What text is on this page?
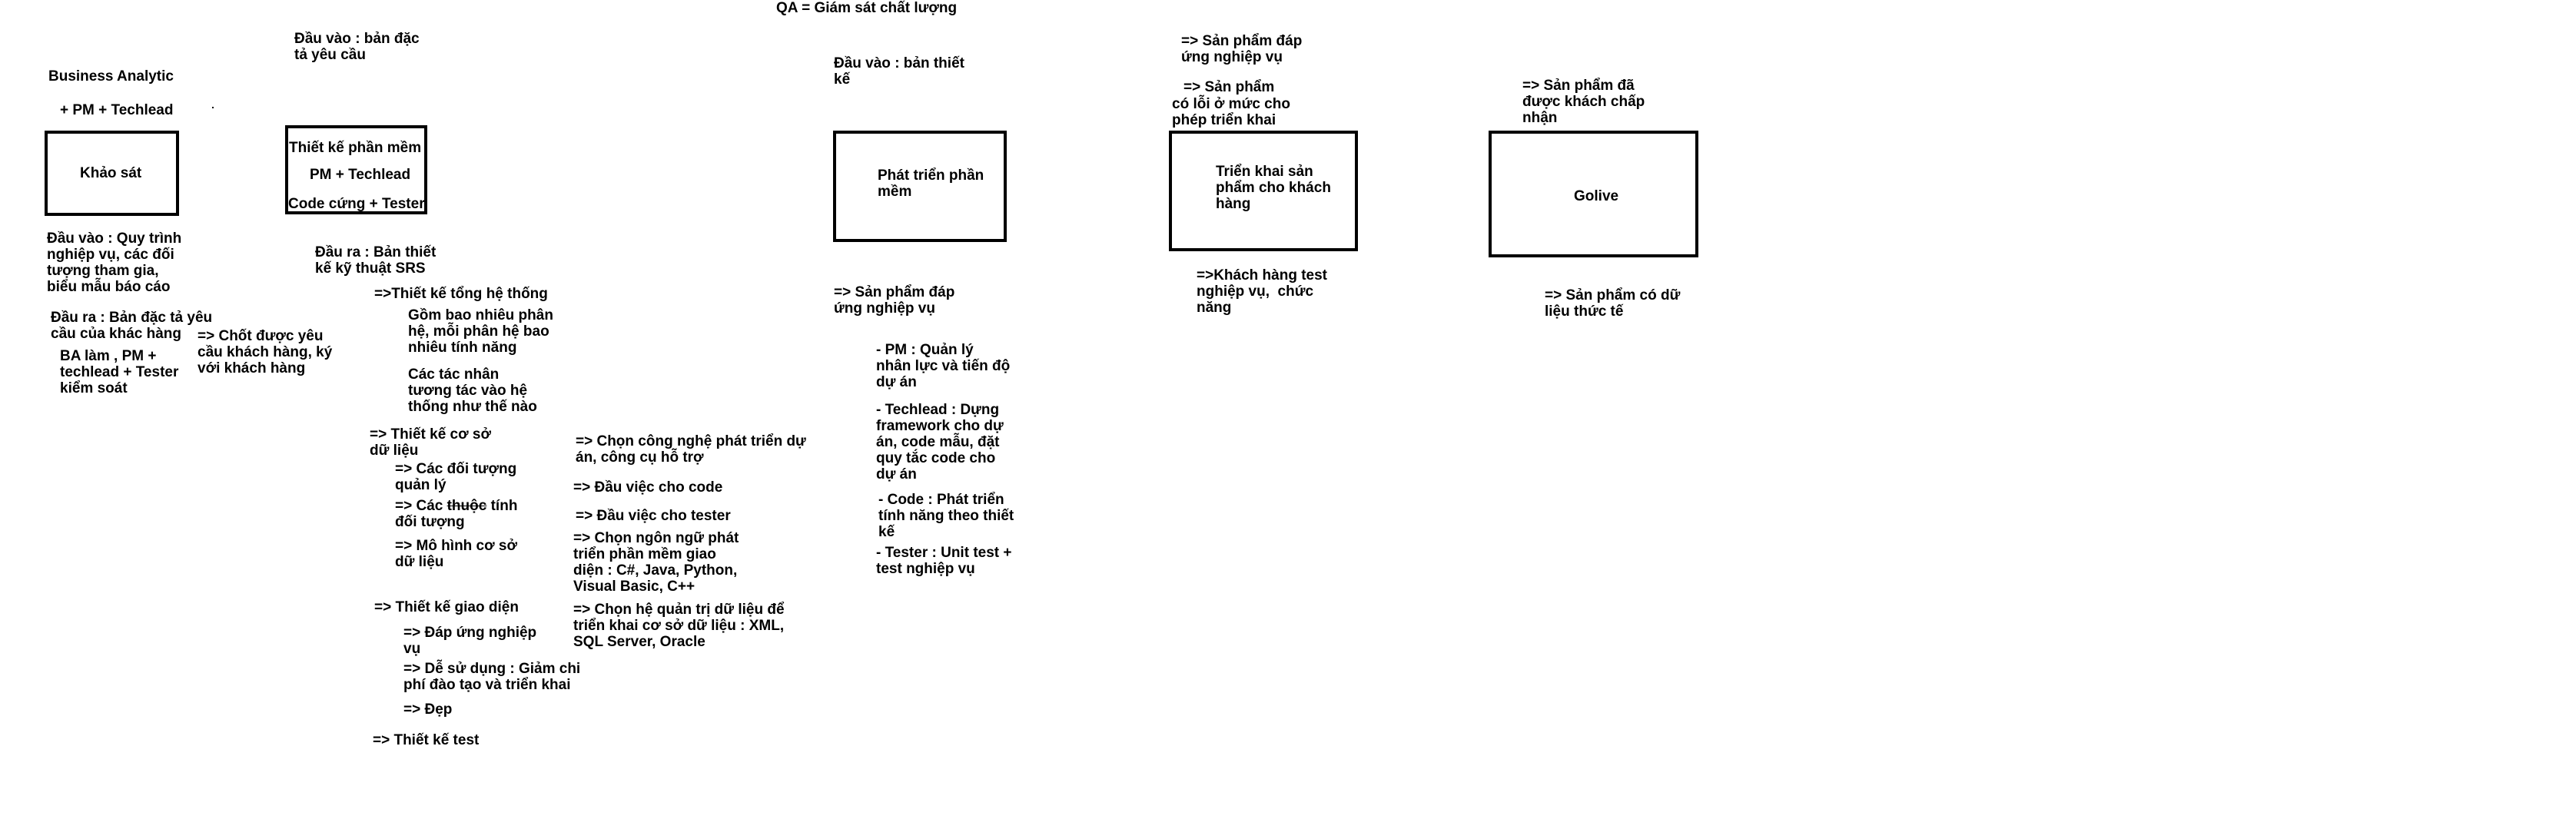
QA = Giám sát chất lượng
Business Analytic
+ PM + Techlead
Khảo sát
Đầu vào : Quy trình
nghiệp vụ, các đối
tượng tham gia,
biểu mẫu báo cáo
Đầu ra : Bản đặc tả yêu
cầu của khác hàng
BA làm , PM +
techlead + Tester
kiểm soát
=> Chốt được yêu
cầu khách hàng, ký
với khách hàng
Đầu vào : bản đặc
tả yêu cầu
Thiết kế phần mềm
PM + Techlead
Code cứng + Tester
Đầu ra : Bản thiết
kế kỹ thuật SRS
=>Thiết kế tổng hệ thống
Gồm bao nhiêu phân
hệ, mỗi phân hệ bao
nhiêu tính năng
Các tác nhân
tương tác vào hệ
thống như thế nào
=> Thiết kế cơ sở
dữ liệu
=> Các đối tượng
quản lý
=> Các thuộc tính
đối tượng
=> Mô hình cơ sở
dữ liệu
=> Thiết kế giao diện
=> Đáp ứng nghiệp
vụ
=> Dễ sử dụng : Giảm chi
phí đào tạo và triển khai
=> Đẹp
=> Thiết kế test
=> Chọn công nghệ phát triển dự
án, công cụ hỗ trợ
=> Đầu việc cho code
=> Đầu việc cho tester
=> Chọn ngôn ngữ phát
triển phần mềm giao
diện : C#, Java, Python,
Visual Basic, C++
=> Chọn hệ quản trị dữ liệu để
triển khai cơ sở dữ liệu : XML,
SQL Server, Oracle
Đầu vào : bản thiết
kế
Phát triển phần
mềm
=> Sản phẩm đáp
ứng nghiệp vụ
- PM : Quản lý
nhân lực và tiến độ
dự án
- Techlead : Dựng
framework cho dự
án, code mẫu, đặt
quy tắc code cho
dự án
- Code : Phát triển
tính năng theo thiết
kế
- Tester : Unit test +
test nghiệp vụ
=> Sản phẩm đáp
ứng nghiệp vụ
=> Sản phẩm
có lỗi ở mức cho
phép triển khai
Triển khai sản
phẩm cho khách
hàng
=>Khách hàng test
nghiệp vụ,  chức
năng
=> Sản phẩm đã
được khách chấp
nhận
Golive
=> Sản phẩm có dữ
liệu thức tế
